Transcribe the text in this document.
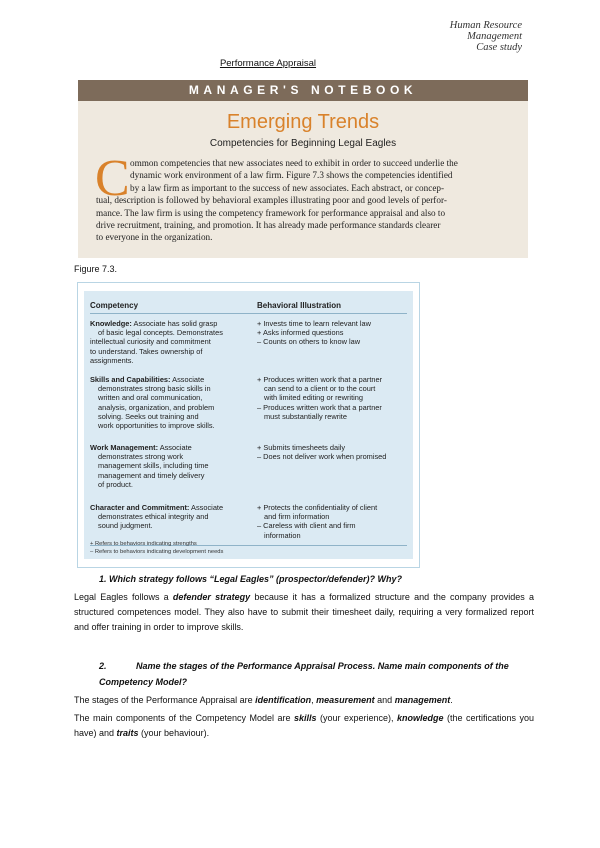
Human Resource
Management
Case study
Performance Appraisal
MANAGER'S NOTEBOOK
Emerging Trends
Competencies for Beginning Legal Eagles
C ommon competencies that new associates need to exhibit in order to succeed underlie the
dynamic work environment of a law firm. Figure 7.3 shows the competencies identified
by a law firm as important to the success of new associates. Each abstract, or concep-
tual, description is followed by behavioral examples illustrating poor and good levels of perfor-
mance. The law firm is using the competency framework for performance appraisal and also to
drive recruitment, training, and promotion. It has already made performance standards clearer
to everyone in the organization.
Figure 7.3.
Competency	Behavioral Illustration
Knowledge: Associate has solid grasp
of basic legal concepts. Demonstrates
intellectual curiosity and commitment
to understand. Takes ownership of
assignments.
+ Invests time to learn relevant law
+ Asks informed questions
– Counts on others to know law
Skills and Capabilities: Associate
demonstrates strong basic skills in
written and oral communication,
analysis, organization, and problem
solving. Seeks out training and
work opportunities to improve skills.
+ Produces written work that a partner
can send to a client or to the court
with limited editing or rewriting
– Produces written work that a partner
must substantially rewrite
Work Management: Associate
demonstrates strong work
management skills, including time
management and timely delivery
of product.
+ Submits timesheets daily
– Does not deliver work when promised
Character and Commitment: Associate
demonstrates ethical integrity and
sound judgment.
+ Protects the confidentiality of client
and firm information
– Careless with client and firm
information
+ Refers to behaviors indicating strengths
– Refers to behaviors indicating development needs
1. Which strategy follows “Legal Eagles” (prospector/defender)? Why?
Legal Eagles follows a defender strategy because it has a formalized structure and the company provides a structured competences model. They also have to submit their timesheet daily, requiring a very formalized report and offer training in order to improve skills.
2.	Name the stages of the Performance Appraisal Process. Name main components of the
Competency Model?
The stages of the Performance Appraisal are identification, measurement and management.
The main components of the Competency Model are skills (your experience), knowledge (the certifications you have) and traits (your behaviour).
